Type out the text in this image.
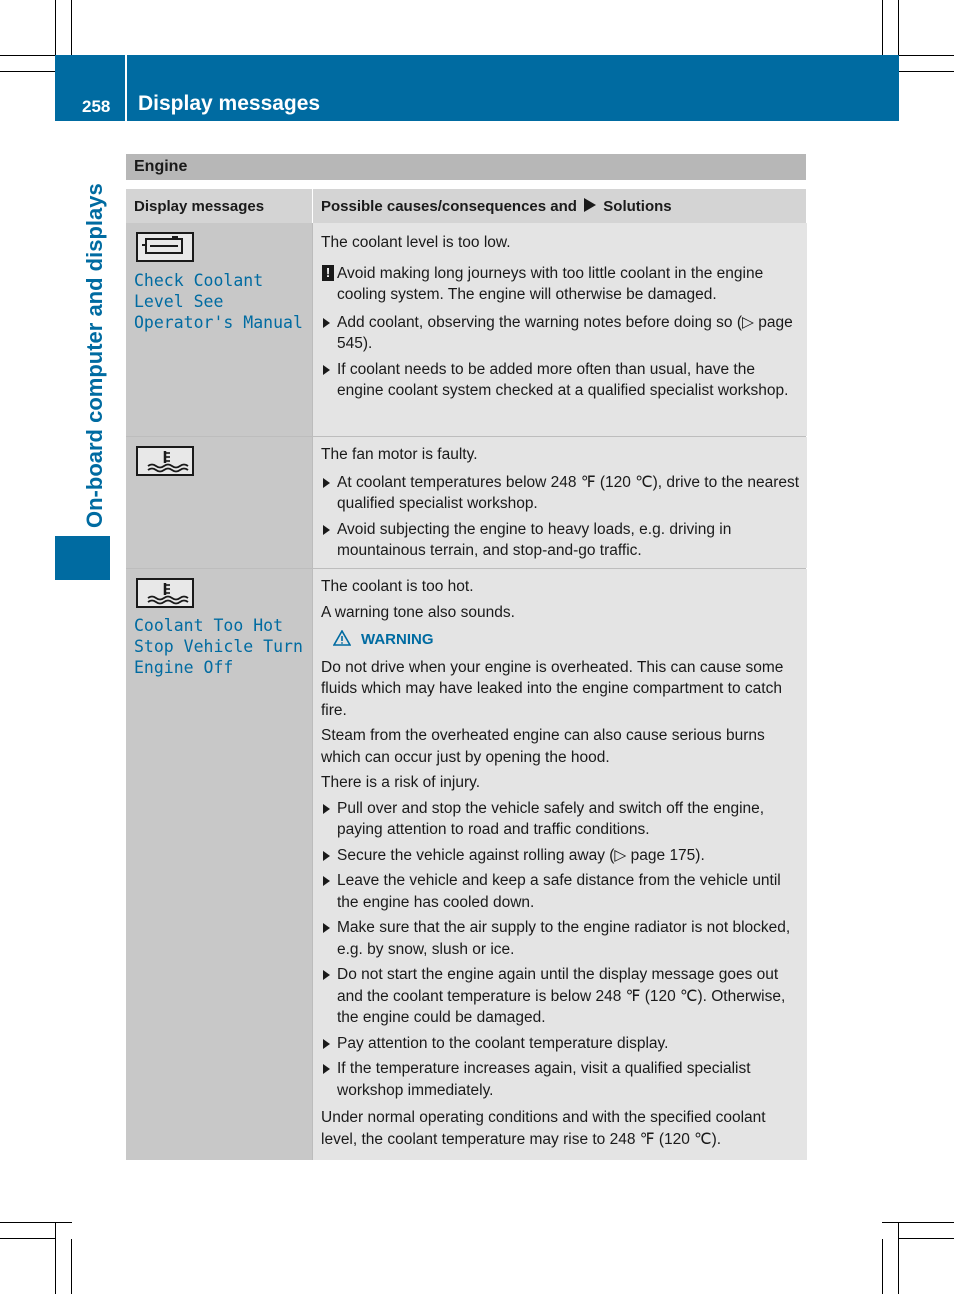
258 Display messages
On-board computer and displays
Engine
Display messages	Possible causes/consequences and Solutions
Check Coolant
Level See
Operator's Manual

The coolant level is too low.

! Avoid making long journeys with too little coolant in the engine cooling system. The engine will otherwise be damaged.
Add coolant, observing the warning notes before doing so (▷ page 545).
If coolant needs to be added more often than usual, have the engine coolant system checked at a qualified specialist workshop.

The fan motor is faulty.

At coolant temperatures below 248 ℉ (120 ℃), drive to the nearest qualified specialist workshop.
Avoid subjecting the engine to heavy loads, e.g. driving in mountainous terrain, and stop-and-go traffic.
Coolant Too Hot
Stop Vehicle Turn
Engine Off

The coolant is too hot.

A warning tone also sounds.

WARNING

Do not drive when your engine is overheated. This can cause some fluids which may have leaked into the engine compartment to catch fire.

Steam from the overheated engine can also cause serious burns which can occur just by opening the hood.

There is a risk of injury.

Pull over and stop the vehicle safely and switch off the engine, paying attention to road and traffic conditions.
Secure the vehicle against rolling away (▷ page 175).
Leave the vehicle and keep a safe distance from the vehicle until the engine has cooled down.
Make sure that the air supply to the engine radiator is not blocked, e.g. by snow, slush or ice.
Do not start the engine again until the display message goes out and the coolant temperature is below 248 ℉ (120 ℃). Otherwise, the engine could be damaged.
Pay attention to the coolant temperature display.
If the temperature increases again, visit a qualified specialist workshop immediately.

Under normal operating conditions and with the specified coolant level, the coolant temperature may rise to 248 ℉ (120 ℃).
